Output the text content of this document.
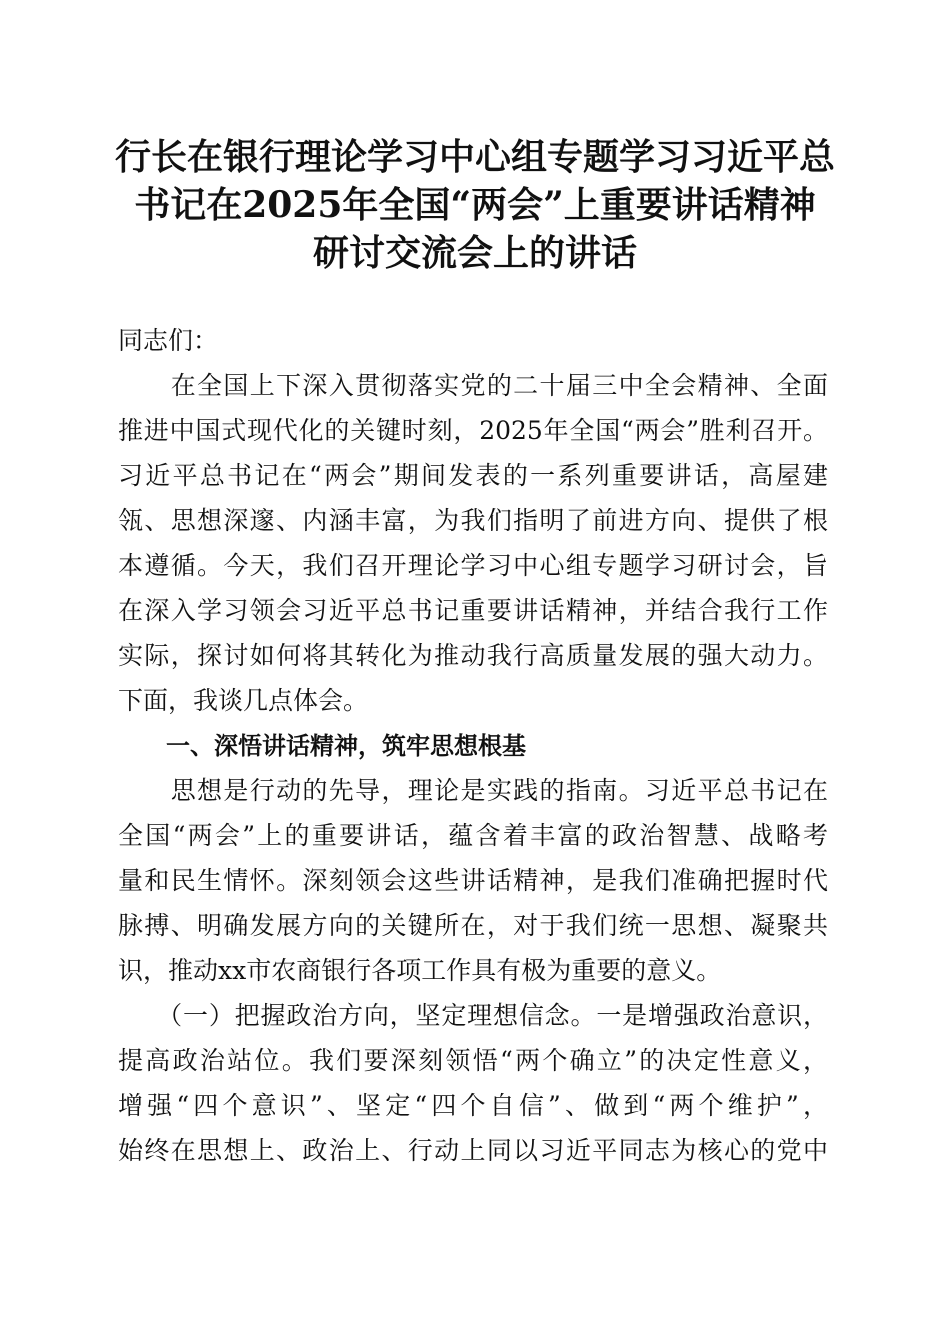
行长在银行理论学习中心组专题学习习近平总
书记在2025年全国“两会”上重要讲话精神
研讨交流会上的讲话
同志们：
　　在全国上下深入贯彻落实党的二十届三中全会精神、全面
推进中国式现代化的关键时刻，2025年全国“两会”胜利召开。
习近平总书记在“两会”期间发表的一系列重要讲话，高屋建
瓴、思想深邃、内涵丰富，为我们指明了前进方向、提供了根
本遵循。今天，我们召开理论学习中心组专题学习研讨会，旨
在深入学习领会习近平总书记重要讲话精神，并结合我行工作
实际，探讨如何将其转化为推动我行高质量发展的强大动力。
下面，我谈几点体会。
　　一、深悟讲话精神，筑牢思想根基
　　思想是行动的先导，理论是实践的指南。习近平总书记在
全国“两会”上的重要讲话，蕴含着丰富的政治智慧、战略考
量和民生情怀。深刻领会这些讲话精神，是我们准确把握时代
脉搏、明确发展方向的关键所在，对于我们统一思想、凝聚共
识，推动xx市农商银行各项工作具有极为重要的意义。
　　（一）把握政治方向，坚定理想信念。一是增强政治意识，
提高政治站位。我们要深刻领悟“两个确立”的决定性意义，
增强“四个意识”、坚定“四个自信”、做到“两个维护”，
始终在思想上、政治上、行动上同以习近平同志为核心的党中
